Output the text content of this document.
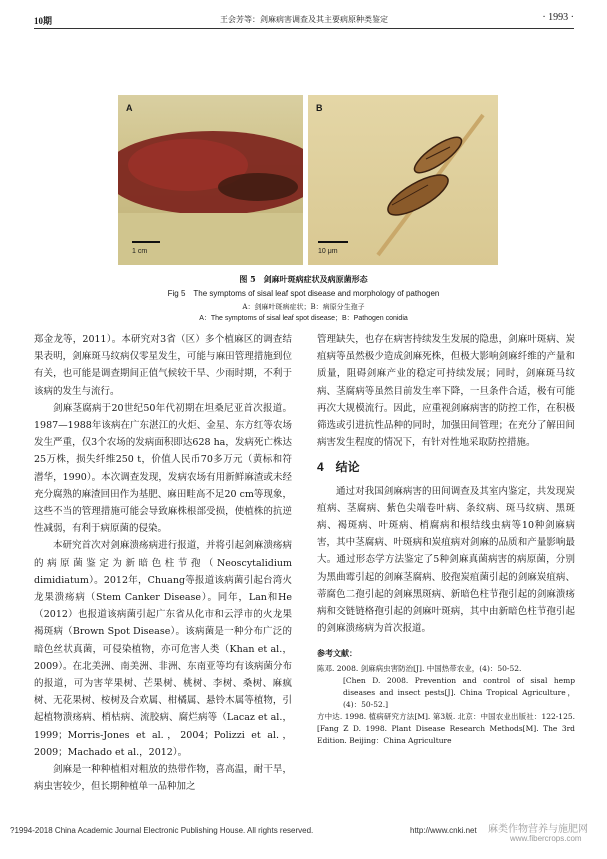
10期	王会芳等：剑麻病害调查及其主要病原种类鉴定	· 1993 ·
A
1 cm
B
10 μm
图 5　剑麻叶斑病症状及病原菌形态
Fig 5　The symptoms of sisal leaf spot disease and morphology of pathogen
A：剑麻叶斑病症状；B：病原分生孢子
A：The symptoms of sisal leaf spot disease；B：Pathogen conidia

郑金龙等，2011）。本研究对3省（区）多个植麻区的调查结果表明，剑麻斑马纹病仅零星发生，可能与麻田管理措施到位有关，也可能是调查期间正值气候较干旱、少雨时期，不利于该病的发生与流行。

剑麻茎腐病于20世纪50年代初期在坦桑尼亚首次报道。1987—1988年该病在广东湛江的火炬、金星、东方红等农场发生严重，仅3个农场的发病面积即达628 ha，发病死亡株达25万株，损失纤维250 t，价值人民币70多万元（黄标和符潜华，1990）。本次调查发现，发病农场有用新鲜麻渣或未经充分腐熟的麻渣回田作为基肥、麻田畦高不足20 cm等现象，这些不当的管理措施可能会导致麻株根部受损，使植株的抗逆性减弱，有利于病原菌的侵染。

本研究首次对剑麻溃疡病进行报道，并将引起剑麻溃疡病的病原菌鉴定为新暗色柱节孢（Neoscytalidium dimidiatum）。2012年，Chuang等报道该病菌引起台湾火龙果溃疡病（Stem Canker Disease）。同年，Lan和He（2012）也报道该病菌引起广东省从化市和云浮市的火龙果褐斑病（Brown Spot Disease）。该病菌是一种分布广泛的暗色丝状真菌，可侵染植物，亦可危害人类（Khan et al.，2009）。在北美洲、南美洲、非洲、东南亚等均有该病菌分布的报道，可为害苹果树、芒果树、桃树、李树、桑树、麻疯树、无花果树、桉树及合欢属、柑橘属、悬铃木属等植物，引起植物溃疡病、梢枯病、流胶病、腐烂病等（Lacaz et al.，1999；Morris-Jones et al.，2004；Polizzi et al.，2009；Machado et al.，2012）。

剑麻是一种种植相对粗放的热带作物，喜高温，耐干旱，病虫害较少，但长期种植单一品种加之

管理缺失，也存在病害持续发生发展的隐患，剑麻叶斑病、炭疽病等虽然极少造成剑麻死株，但极大影响剑麻纤维的产量和质量，阻碍剑麻产业的稳定可持续发展；同时，剑麻斑马纹病、茎腐病等虽然目前发生率下降，一旦条件合适，极有可能再次大规模流行。因此，应重视剑麻病害的防控工作，在积极筛选或引进抗性品种的同时，加强田间管理；在充分了解田间病害发生程度的情况下，有针对性地采取防控措施。

4　结论

通过对我国剑麻病害的田间调查及其室内鉴定，共发现炭疽病、茎腐病、紫色尖端卷叶病、条纹病、斑马纹病、黑斑病、褐斑病、叶斑病、梢腐病和根结线虫病等10种剑麻病害，其中茎腐病、叶斑病和炭疽病对剑麻的品质和产量影响最大。通过形态学方法鉴定了5种剑麻真菌病害的病原菌，分别为黑曲霉引起的剑麻茎腐病、胶孢炭疽菌引起的剑麻炭疽病、蒂腐色二孢引起的剑麻黑斑病、新暗色柱节孢引起的剑麻溃疡病和交链链格孢引起的剑麻叶斑病，其中由新暗色柱节孢引起的剑麻溃疡病为首次报道。

参考文献：
陈邓. 2008. 剑麻病虫害防治[J]. 中国热带农业，(4)：50-52.
[Chen D. 2008. Prevention and control of sisal hemp diseases and insect pests[J]. China Tropical Agriculture，(4)：50-52.]
方中达. 1998. 植病研究方法[M]. 第3版. 北京：中国农业出版社：122-125. [Fang Z D. 1998. Plant Disease Research Methods[M]. The 3rd Edition. Beijing：China Agriculture
?1994-2018 China Academic Journal Electronic Publishing House. All rights reserved.	http://www.cnki.net 麻类作物营养与施肥网
www.fibercrops.com
